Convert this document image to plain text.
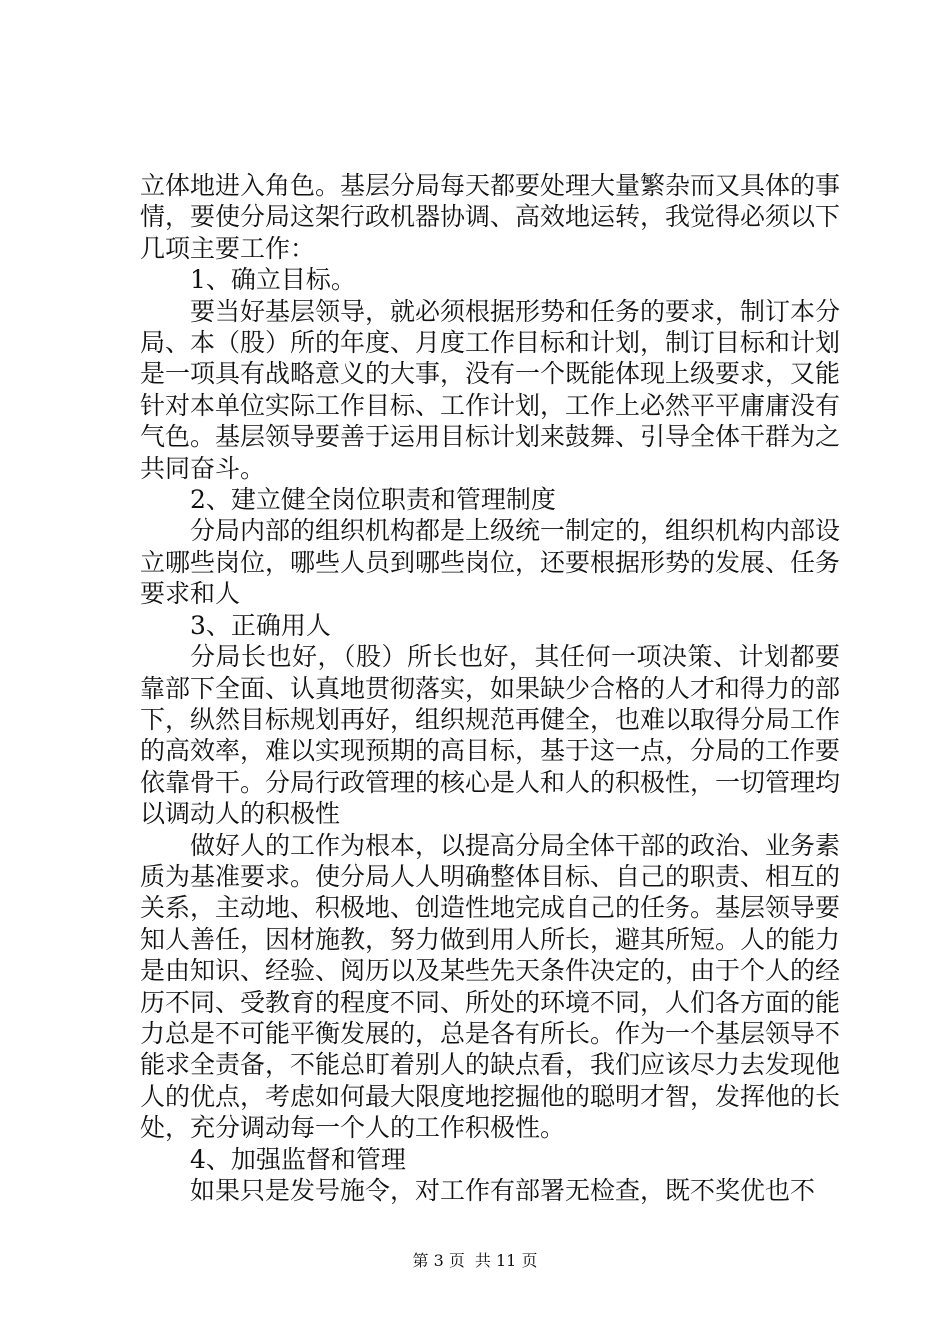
立体地进入角色。基层分局每天都要处理大量繁杂而又具体的事情，要使分局这架行政机器协调、高效地运转，我觉得必须以下几项主要工作：

1、确立目标。

要当好基层领导，就必须根据形势和任务的要求，制订本分局、本（股）所的年度、月度工作目标和计划，制订目标和计划是一项具有战略意义的大事，没有一个既能体现上级要求，又能针对本单位实际工作目标、工作计划，工作上必然平平庸庸没有气色。基层领导要善于运用目标计划来鼓舞、引导全体干群为之共同奋斗。

2、建立健全岗位职责和管理制度

分局内部的组织机构都是上级统一制定的，组织机构内部设立哪些岗位，哪些人员到哪些岗位，还要根据形势的发展、任务要求和人

3、正确用人

分局长也好，（股）所长也好，其任何一项决策、计划都要靠部下全面、认真地贯彻落实，如果缺少合格的人才和得力的部下，纵然目标规划再好，组织规范再健全，也难以取得分局工作的高效率，难以实现预期的高目标，基于这一点，分局的工作要依靠骨干。分局行政管理的核心是人和人的积极性，一切管理均以调动人的积极性

做好人的工作为根本，以提高分局全体干部的政治、业务素质为基准要求。使分局人人明确整体目标、自己的职责、相互的关系，主动地、积极地、创造性地完成自己的任务。基层领导要知人善任，因材施教，努力做到用人所长，避其所短。人的能力是由知识、经验、阅历以及某些先天条件决定的，由于个人的经历不同、受教育的程度不同、所处的环境不同，人们各方面的能力总是不可能平衡发展的，总是各有所长。作为一个基层领导不能求全责备，不能总盯着别人的缺点看，我们应该尽力去发现他人的优点，考虑如何最大限度地挖掘他的聪明才智，发挥他的长处，充分调动每一个人的工作积极性。

4、加强监督和管理

如果只是发号施令，对工作有部署无检查，既不奖优也不

第 3 页 共 11 页
